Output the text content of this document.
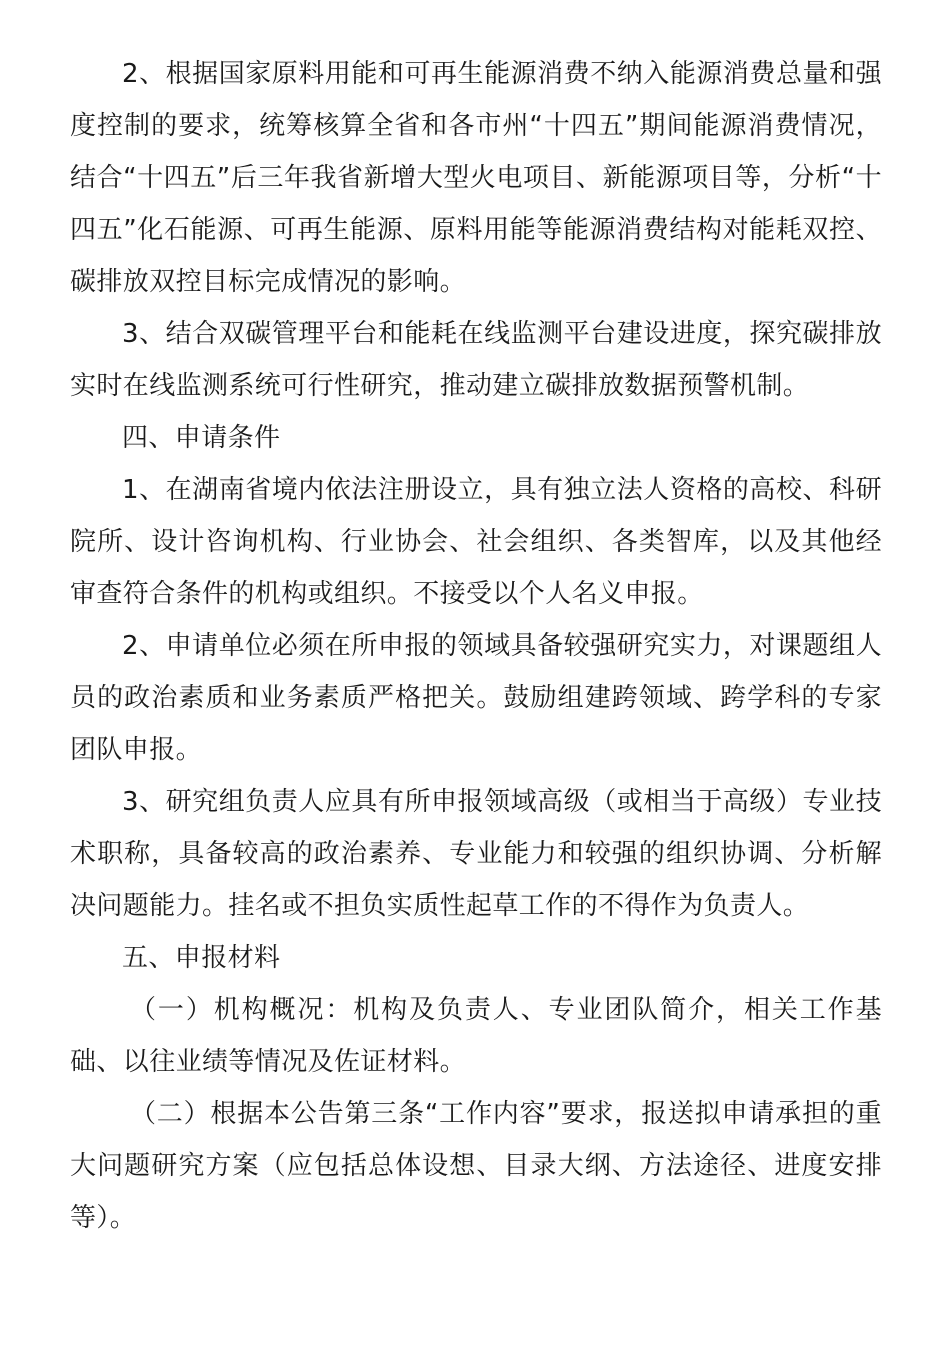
2、根据国家原料用能和可再生能源消费不纳入能源消费总量和强度控制的要求，统筹核算全省和各市州“十四五”期间能源消费情况，结合“十四五”后三年我省新增大型火电项目、新能源项目等，分析“十四五”化石能源、可再生能源、原料用能等能源消费结构对能耗双控、碳排放双控目标完成情况的影响。

3、结合双碳管理平台和能耗在线监测平台建设进度，探究碳排放实时在线监测系统可行性研究，推动建立碳排放数据预警机制。

四、申请条件

1、在湖南省境内依法注册设立，具有独立法人资格的高校、科研院所、设计咨询机构、行业协会、社会组织、各类智库，以及其他经审查符合条件的机构或组织。不接受以个人名义申报。

2、申请单位必须在所申报的领域具备较强研究实力，对课题组人员的政治素质和业务素质严格把关。鼓励组建跨领域、跨学科的专家团队申报。

3、研究组负责人应具有所申报领域高级（或相当于高级）专业技术职称，具备较高的政治素养、专业能力和较强的组织协调、分析解决问题能力。挂名或不担负实质性起草工作的不得作为负责人。

五、申报材料

（一）机构概况：机构及负责人、专业团队简介，相关工作基础、以往业绩等情况及佐证材料。

（二）根据本公告第三条“工作内容”要求，报送拟申请承担的重大问题研究方案（应包括总体设想、目录大纲、方法途径、进度安排等）。
